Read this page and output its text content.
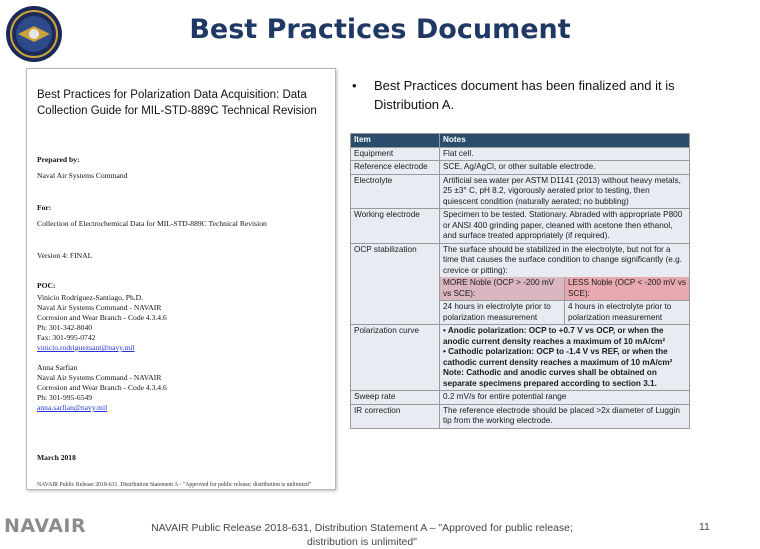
Best Practices Document
Best Practices for Polarization Data Acquisition: Data Collection Guide for MIL-STD-889C Technical Revision
Prepared by:
Naval Air Systems Command
For:
Collection of Electrochemical Data for MIL-STD-889C Technical Revision
Version 4: FINAL
POC:
Vinicio Rodriguez-Santiago, Ph.D.
Naval Air Systems Command - NAVAIR
Corrosion and Wear Branch - Code 4.3.4.6
Ph: 301-342-8040
Fax: 301-995-0742
vinicio.rodriguezsant@navy.mil
Anna Sarfian
Naval Air Systems Command - NAVAIR
Corrosion and Wear Branch - Code 4.3.4.6
Ph: 301-995-6549
anna.sarfian@navy.mil
March 2018
NAVAIR Public Release 2018-631. Distribution Statement A - "Approved for public release; distribution is unlimited"
• Best Practices document has been finalized and it is Distribution A.
Item	Notes
Equipment	Flat cell.
Reference electrode	SCE, Ag/AgCl, or other suitable electrode.
Electrolyte	Artificial sea water per ASTM D1141 (2013) without heavy metals, 25 ±3° C, pH 8.2, vigorously aerated prior to testing, then quiescent condition (naturally aerated; no bubbling)
Working electrode	Specimen to be tested. Stationary. Abraded with appropriate P800 or ANSI 400 grinding paper, cleaned with acetone then ethanol, and surface treated appropriately (if required).
OCP stabilization	The surface should be stabilized in the electrolyte, but not for a time that causes the surface condition to change significantly (e.g. crevice or pitting):
MORE Noble (OCP > -200 mV vs SCE):	LESS Noble (OCP < -200 mV vs SCE):
24 hours in electrolyte prior to polarization measurement	4 hours in electrolyte prior to polarization measurement

Polarization curve	• Anodic polarization: OCP to +0.7 V vs OCP, or when the anodic current density reaches a maximum of 10 mA/cm²
• Cathodic polarization: OCP to -1.4 V vs REF, or when the cathodic current density reaches a maximum of 10 mA/cm²
Note: Cathodic and anodic curves shall be obtained on separate specimens prepared according to section 3.1.

Sweep rate	0.2 mV/s for entire potential range
IR correction	The reference electrode should be placed >2x diameter of Luggin tip from the working electrode.
NAVAIR	NAVAIR Public Release 2018-631, Distribution Statement A – "Approved for public release; distribution is unlimited"
11
